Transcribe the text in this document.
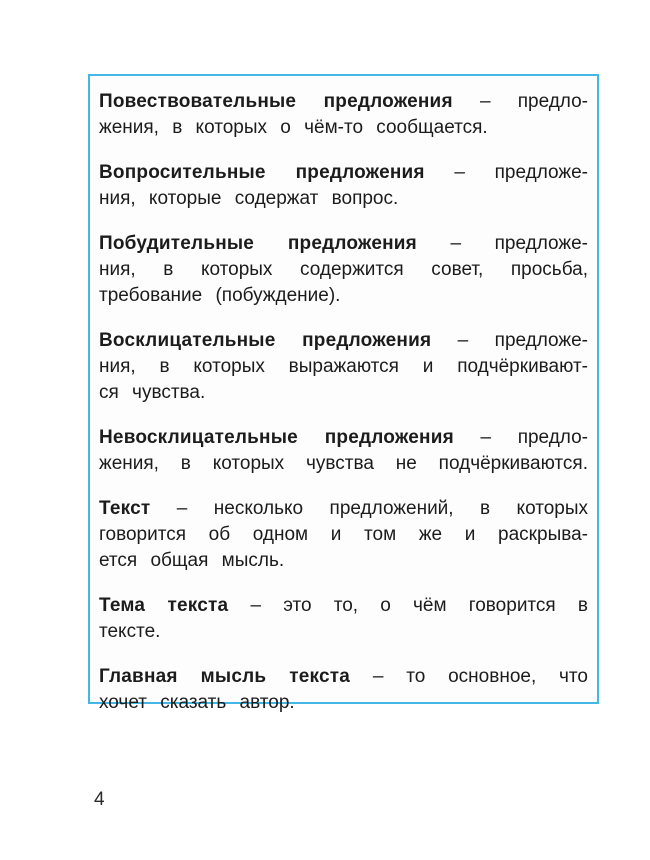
Повествовательные предложения – предло-
жения, в которых о чём-то сообщается.
Вопросительные предложения – предложе-
ния, которые содержат вопрос.
Побудительные предложения – предложе-
ния, в которых содержится совет, просьба,
требование (побуждение).
Восклицательные предложения – предложе-
ния, в которых выражаются и подчёркивают-
ся чувства.
Невосклицательные предложения – предло-
жения, в которых чувства не подчёркиваются.
Текст – несколько предложений, в которых
говорится об одном и том же и раскрыва-
ется общая мысль.
Тема текста – это то, о чём говорится в
тексте.
Главная мысль текста – то основное, что
хочет сказать автор.
4
